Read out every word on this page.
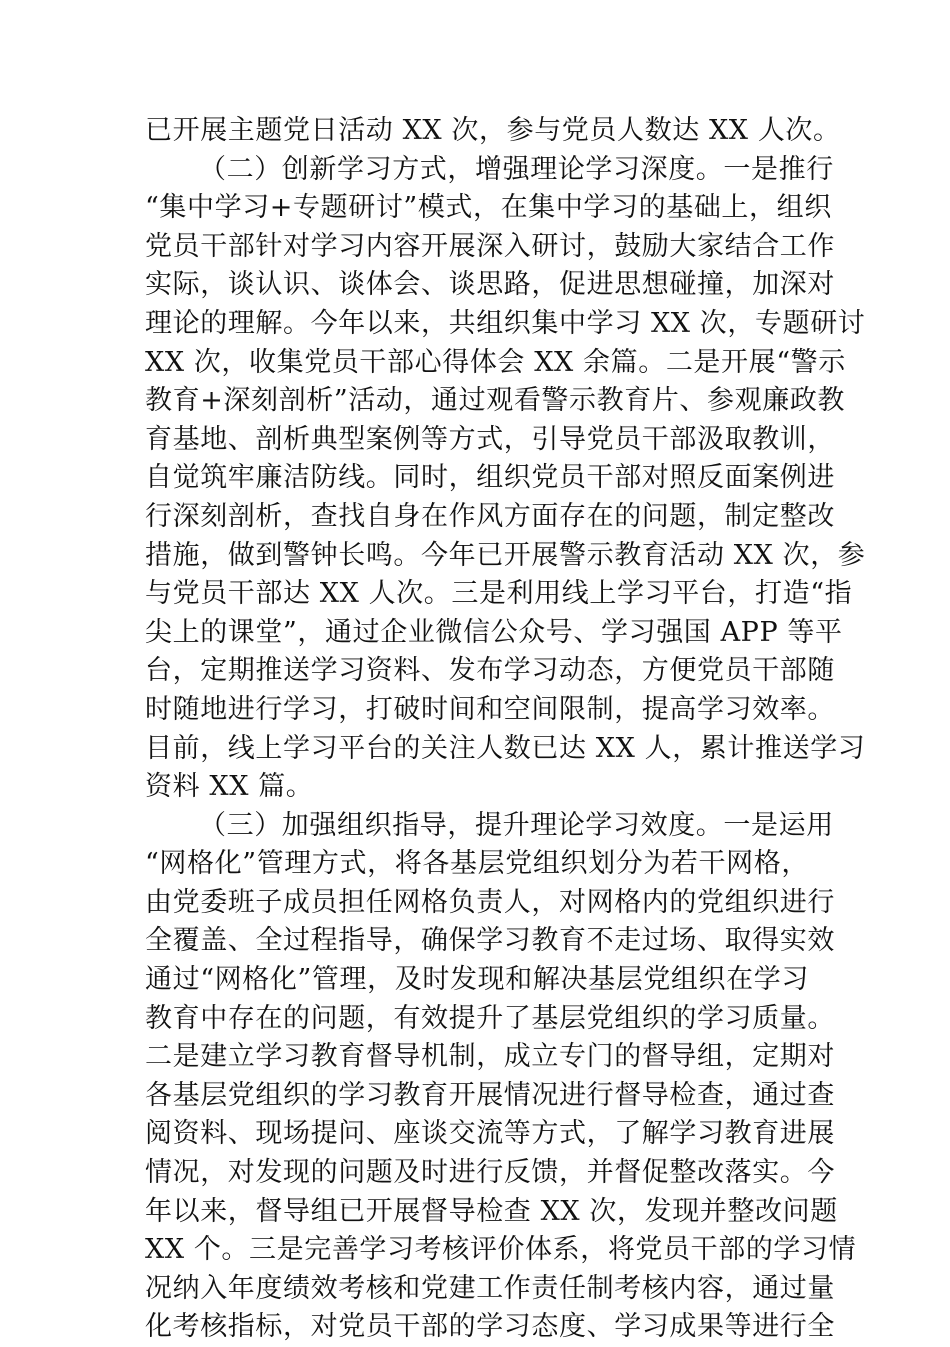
已开展主题党日活动 XX 次，参与党员人数达 XX 人次。
（二）创新学习方式，增强理论学习深度。一是推行
“集中学习+专题研讨”模式，在集中学习的基础上，组织
党员干部针对学习内容开展深入研讨，鼓励大家结合工作
实际，谈认识、谈体会、谈思路，促进思想碰撞，加深对
理论的理解。今年以来，共组织集中学习 XX 次，专题研讨
XX 次，收集党员干部心得体会 XX 余篇。二是开展“警示
教育+深刻剖析”活动，通过观看警示教育片、参观廉政教
育基地、剖析典型案例等方式，引导党员干部汲取教训，
自觉筑牢廉洁防线。同时，组织党员干部对照反面案例进
行深刻剖析，查找自身在作风方面存在的问题，制定整改
措施，做到警钟长鸣。今年已开展警示教育活动 XX 次，参
与党员干部达 XX 人次。三是利用线上学习平台，打造“指
尖上的课堂”，通过企业微信公众号、学习强国 APP 等平
台，定期推送学习资料、发布学习动态，方便党员干部随
时随地进行学习，打破时间和空间限制，提高学习效率。
目前，线上学习平台的关注人数已达 XX 人，累计推送学习
资料 XX 篇。
（三）加强组织指导，提升理论学习效度。一是运用
“网格化”管理方式，将各基层党组织划分为若干网格，
由党委班子成员担任网格负责人，对网格内的党组织进行
全覆盖、全过程指导，确保学习教育不走过场、取得实效
通过“网格化”管理，及时发现和解决基层党组织在学习
教育中存在的问题，有效提升了基层党组织的学习质量。
二是建立学习教育督导机制，成立专门的督导组，定期对
各基层党组织的学习教育开展情况进行督导检查，通过查
阅资料、现场提问、座谈交流等方式，了解学习教育进展
情况，对发现的问题及时进行反馈，并督促整改落实。今
年以来，督导组已开展督导检查 XX 次，发现并整改问题
XX 个。三是完善学习考核评价体系，将党员干部的学习情
况纳入年度绩效考核和党建工作责任制考核内容，通过量
化考核指标，对党员干部的学习态度、学习成果等进行全
